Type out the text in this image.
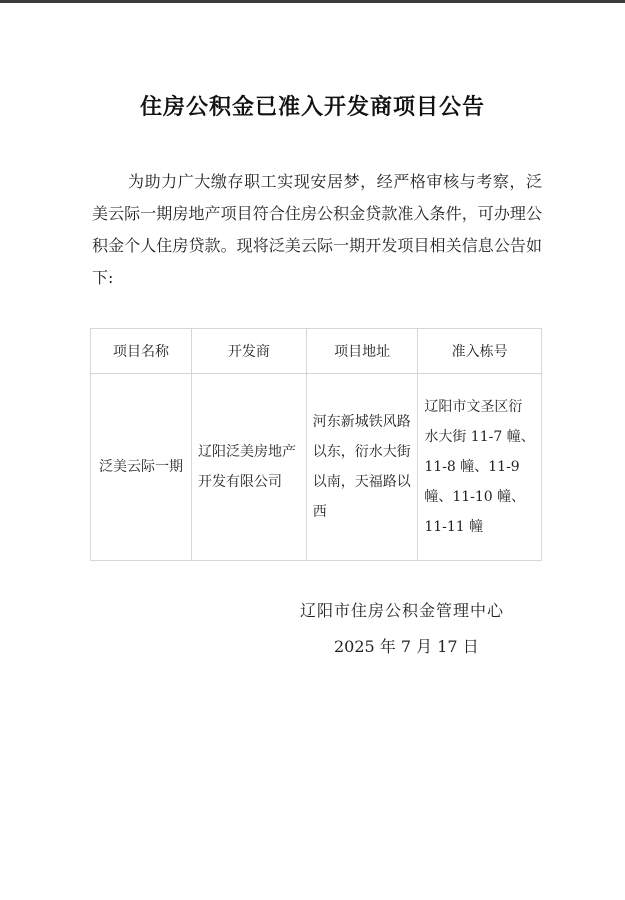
住房公积金已准入开发商项目公告
为助力广大缴存职工实现安居梦，经严格审核与考察，泛美云际一期房地产项目符合住房公积金贷款准入条件，可办理公积金个人住房贷款。现将泛美云际一期开发项目相关信息公告如下:
项目名称	开发商	项目地址	准入栋号
泛美云际一期	辽阳泛美房地产开发有限公司	河东新城铁风路以东，衍水大街以南，天福路以西	辽阳市文圣区衍水大街 11-7 幢、11-8 幢、11-9 幢、11-10 幢、 11-11 幢
辽阳市住房公积金管理中心
2025 年 7 月 17 日
